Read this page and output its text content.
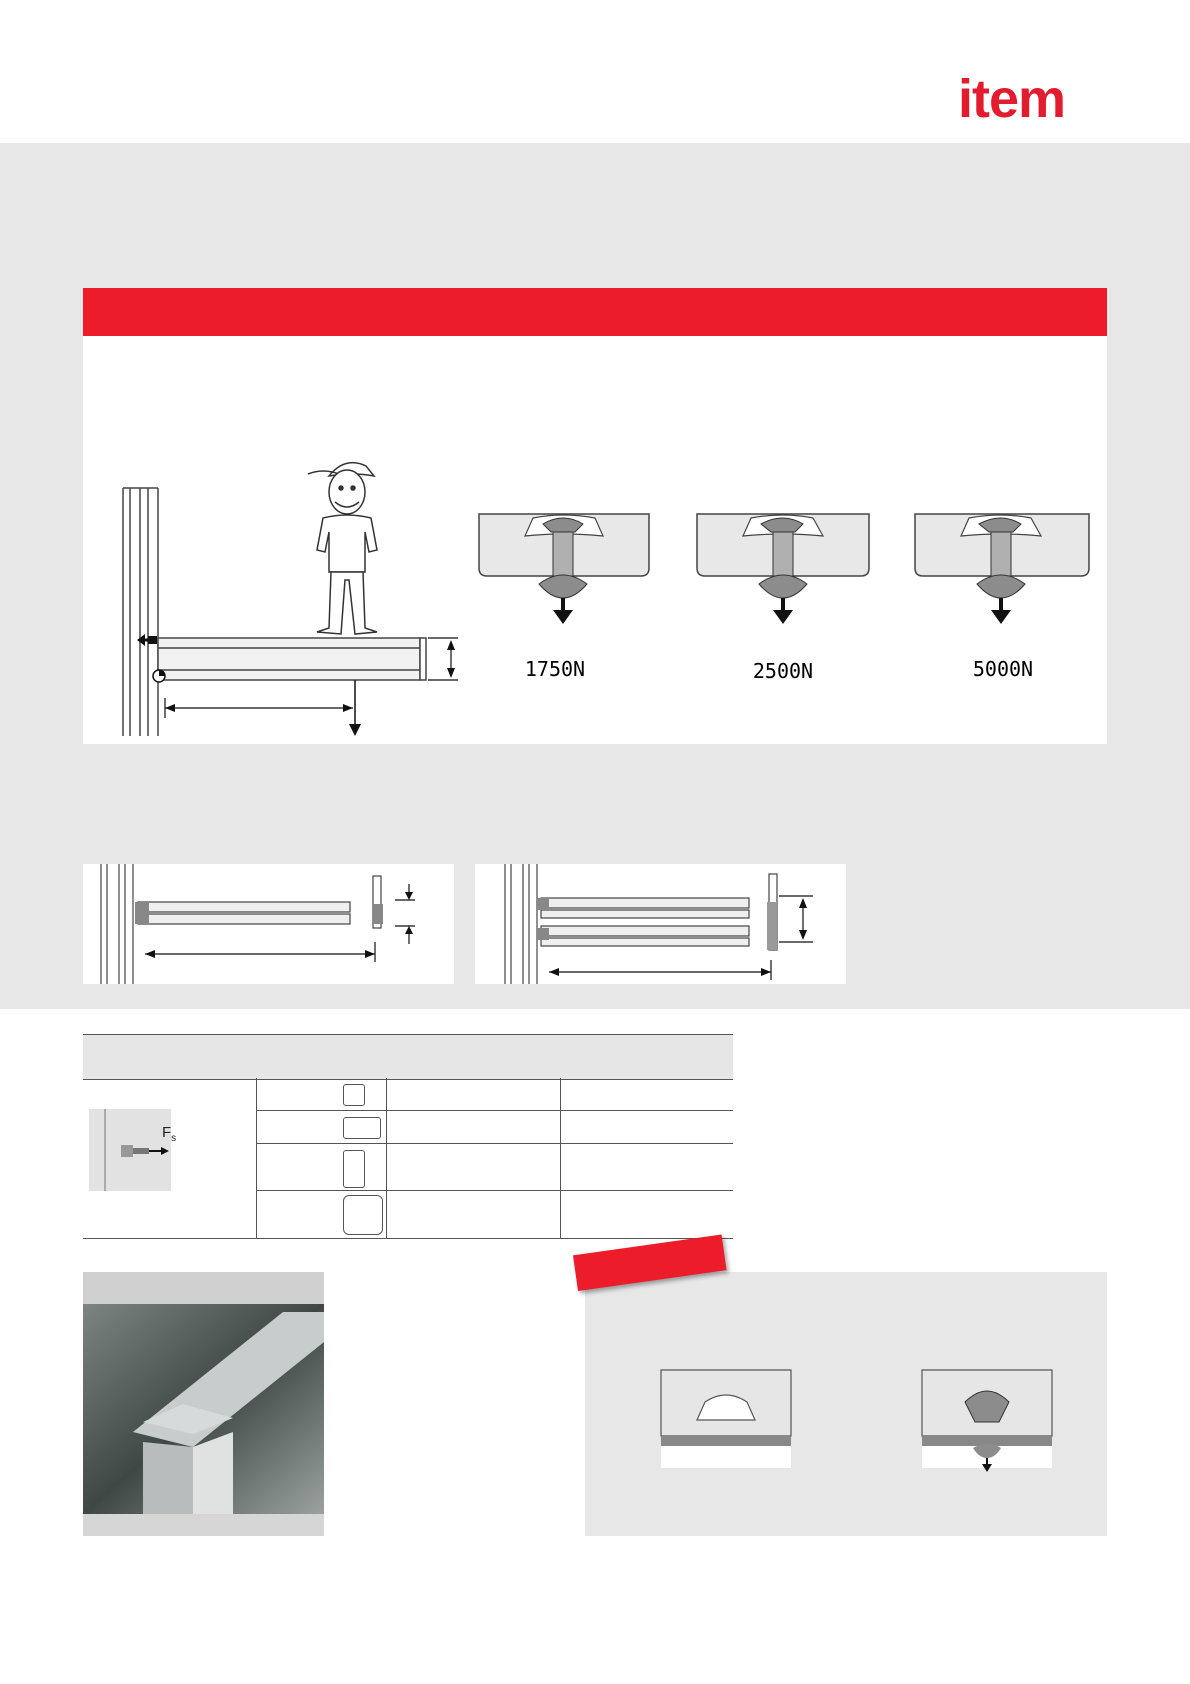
item
1750N	2500N	5000N
$F_s$
